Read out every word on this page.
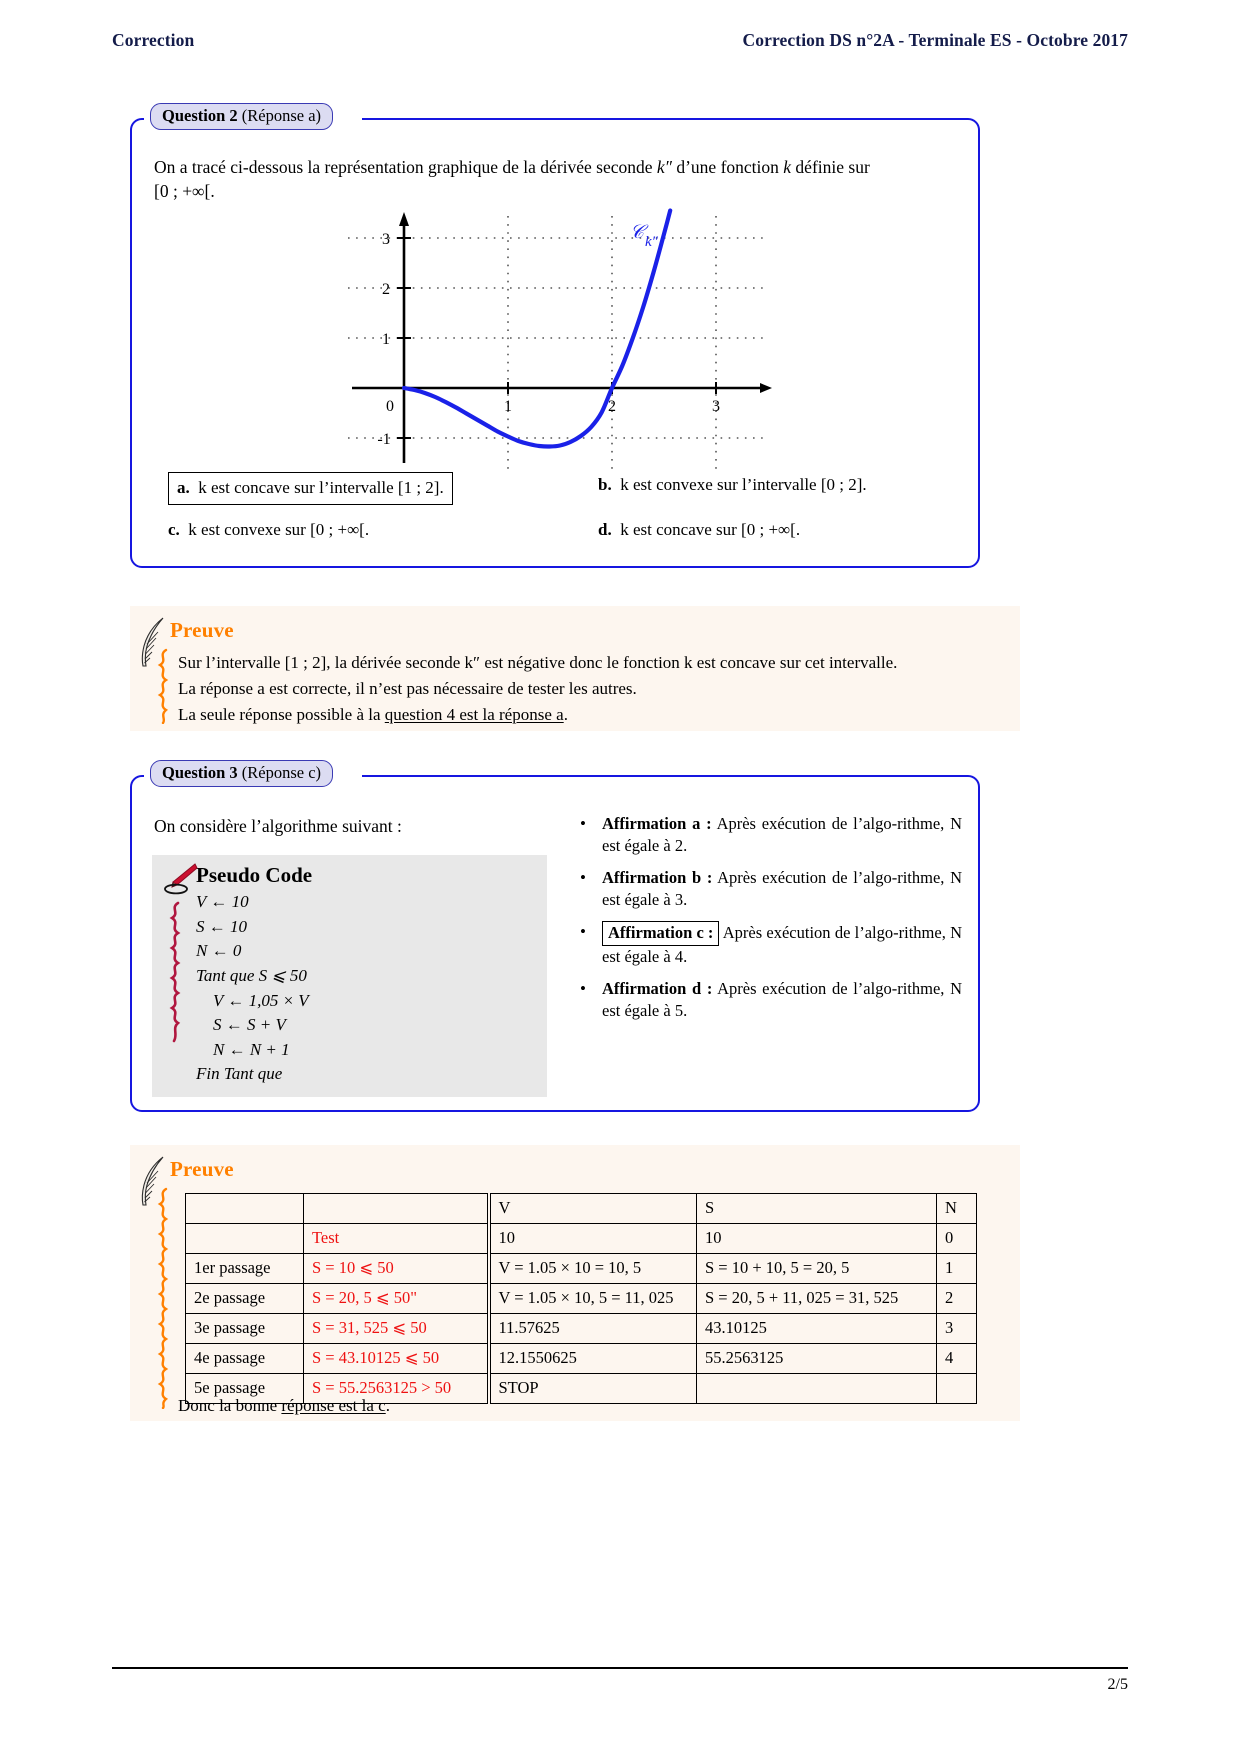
Correction	Correction DS n°2A - Terminale ES - Octobre 2017
Question 2 (Réponse a)
On a tracé ci-dessous la représentation graphique de la dérivée seconde k″ d’une fonction k définie sur
[0 ; +∞[.
3
2
1
-1
0	1	2	3
𝒞 k″
a. k est concave sur l’intervalle [1 ; 2].	b. k est convexe sur l’intervalle [0 ; 2].
c. k est convexe sur [0 ; +∞[.	d. k est concave sur [0 ; +∞[.
Preuve
Sur l’intervalle [1 ; 2], la dérivée seconde k″ est négative donc le fonction k est concave sur cet intervalle.
La réponse a est correcte, il n’est pas nécessaire de tester les autres.
La seule réponse possible à la question 4 est la réponse a.
Question 3 (Réponse c)
On considère l’algorithme suivant :
Pseudo Code
V ← 10
S ← 10
N ← 0
Tant que S ⩽ 50
V ← 1,05 × V
S ← S + V
N ← N + 1
Fin Tant que
• Affirmation a : Après exécution de l’algo-rithme, N est égale à 2.
• Affirmation b : Après exécution de l’algo-rithme, N est égale à 3.
•	Affirmation c : Après exécution de l’algo-rithme, N est égale à 4.
• Affirmation d : Après exécution de l’algo-rithme, N est égale à 5.
Preuve
		V	S	N
	Test	10	10	0
1er passage	S = 10 ⩽ 50	V = 1.05 × 10 = 10, 5	S = 10 + 10, 5 = 20, 5	1
2e passage	S = 20, 5 ⩽ 50"	V = 1.05 × 10, 5 = 11, 025	S = 20, 5 + 11, 025 = 31, 525	2
3e passage	S = 31, 525 ⩽ 50	11.57625	43.10125	3
4e passage	S = 43.10125 ⩽ 50	12.1550625	55.2563125	4
5e passage	S = 55.2563125 > 50	STOP		
Donc la bonne réponse est la c.
2/5
